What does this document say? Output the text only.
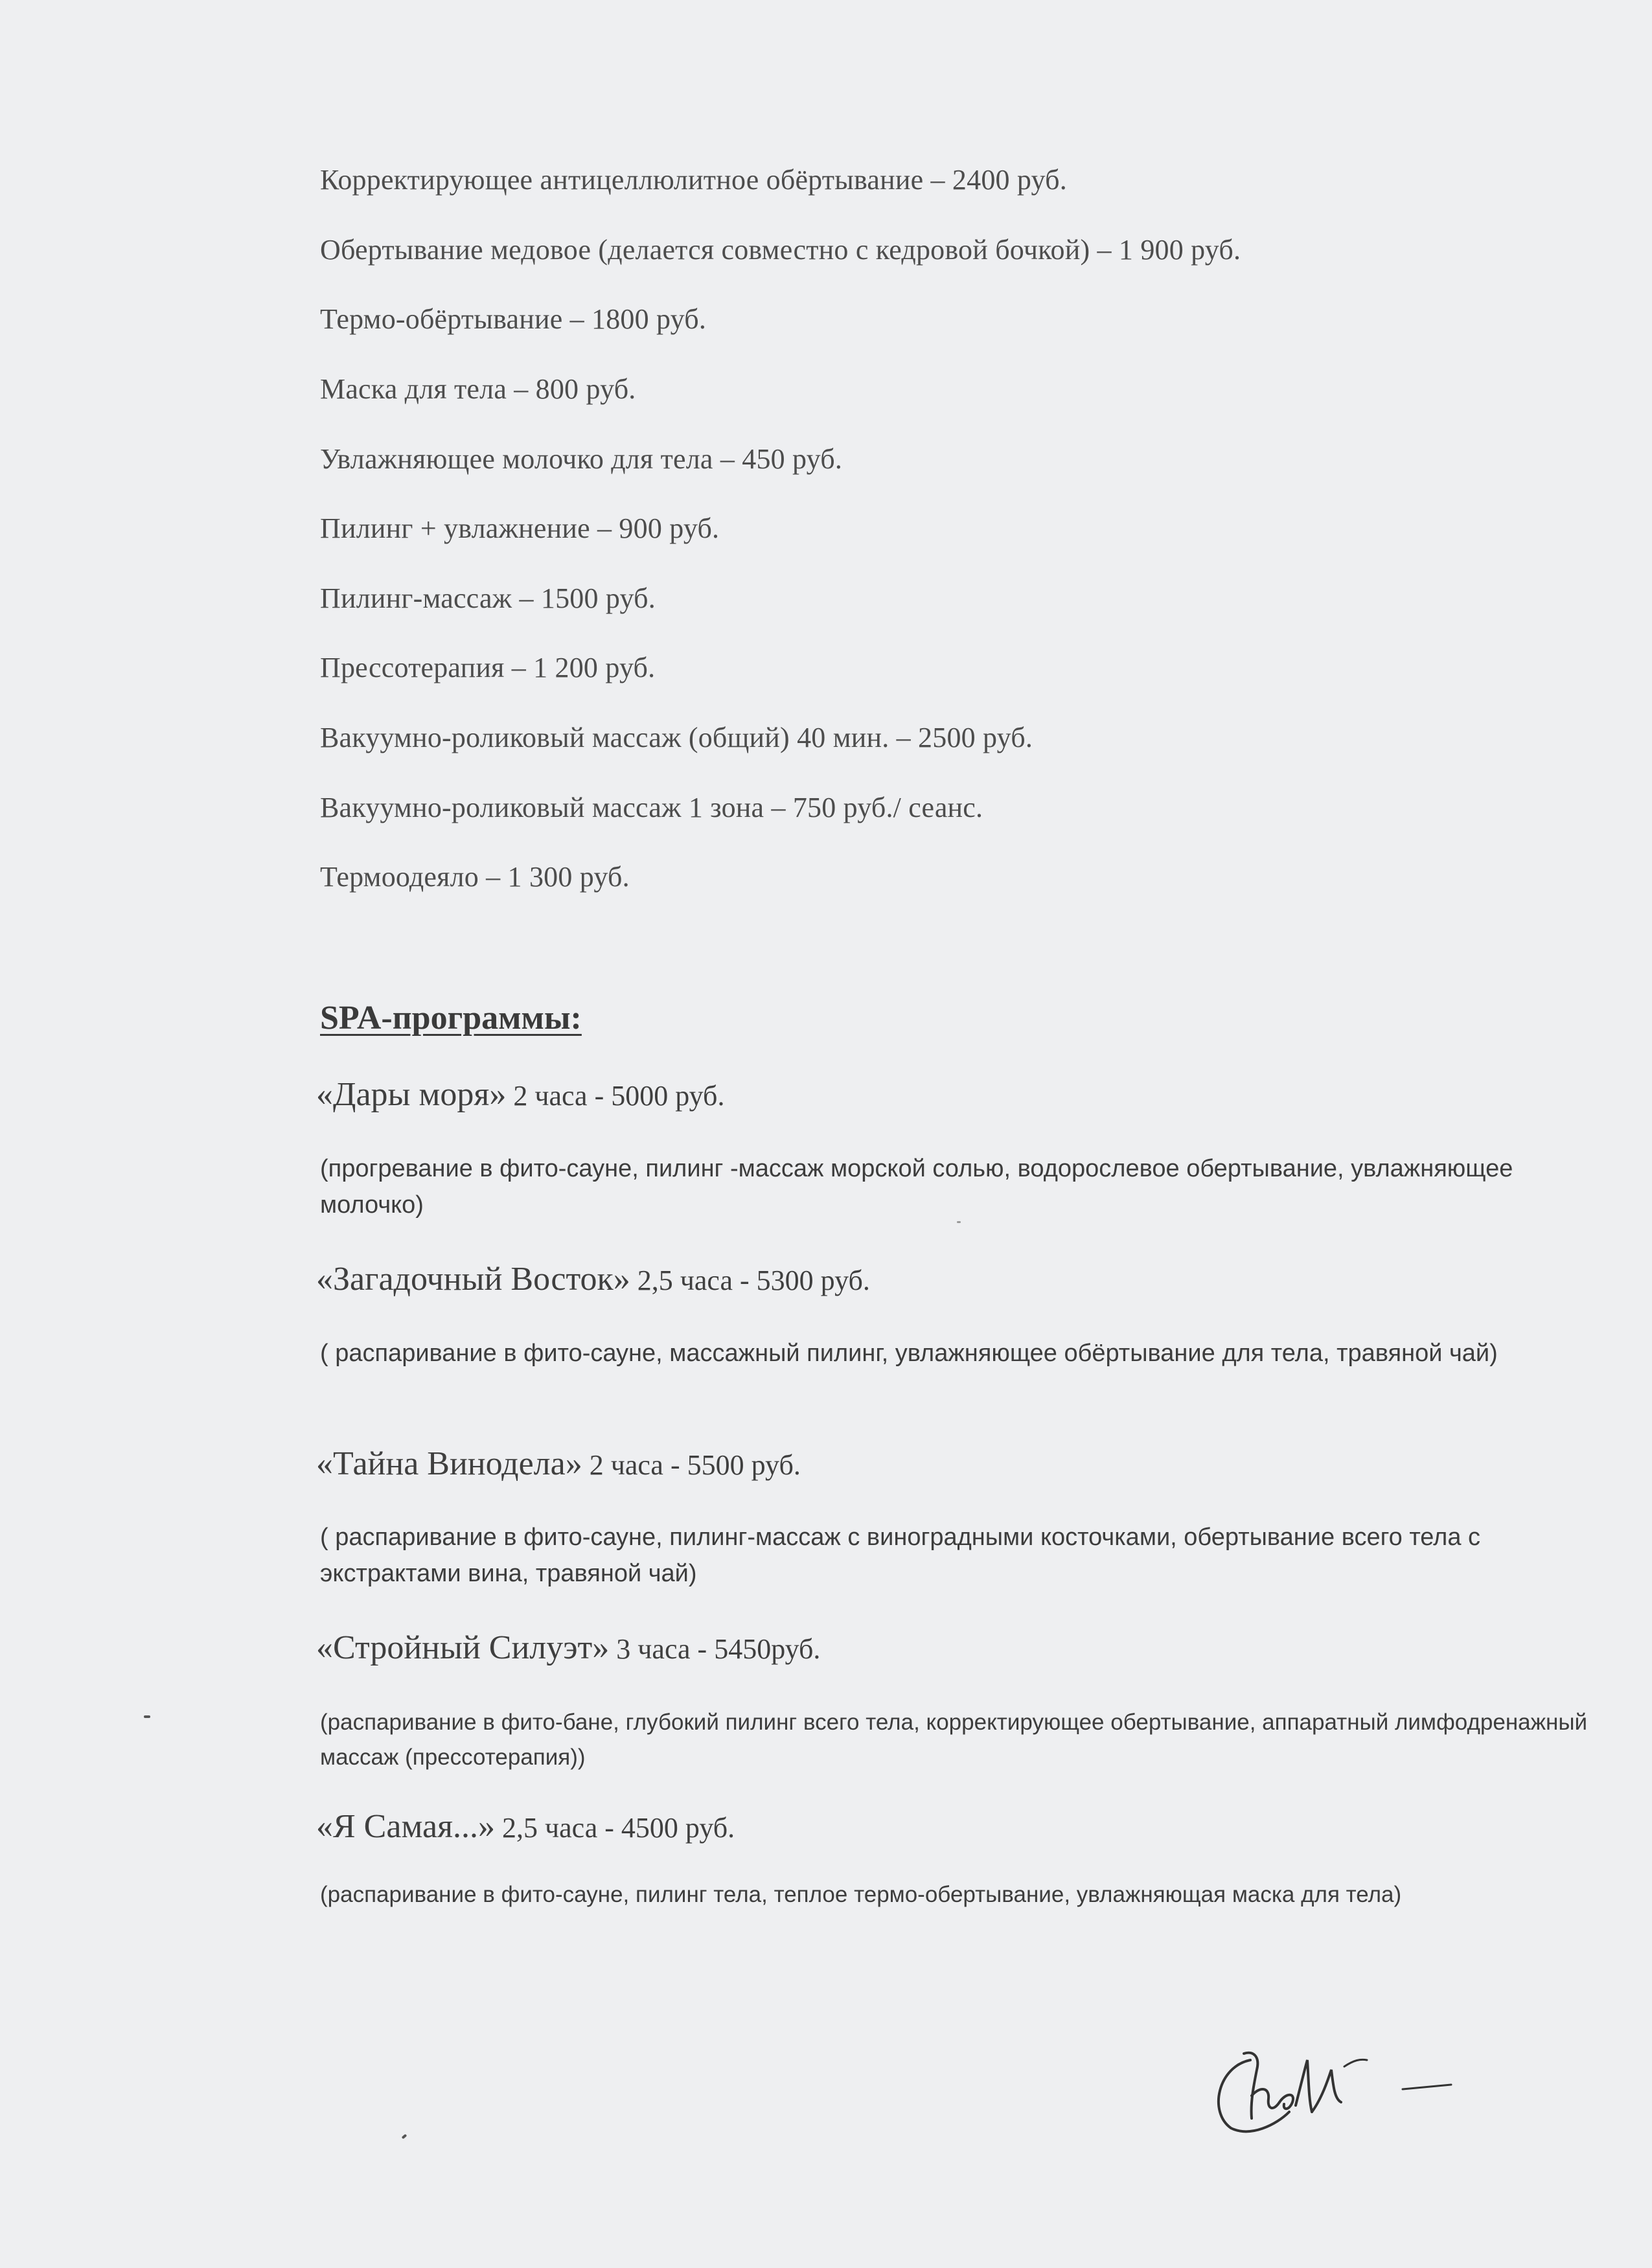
Корректирующее антицеллюлитное обёртывание – 2400 руб.
Обертывание медовое (делается совместно с кедровой бочкой) – 1 900 руб.
Термо-обёртывание – 1800 руб.
Маска для тела – 800 руб.
Увлажняющее молочко для тела – 450 руб.
Пилинг + увлажнение – 900 руб.
Пилинг-массаж – 1500 руб.
Прессотерапия – 1 200 руб.
Вакуумно-роликовый массаж (общий) 40 мин. – 2500 руб.
Вакуумно-роликовый массаж 1 зона – 750 руб./ сеанс.
Термоодеяло – 1 300 руб.
SPA-программы:
«Дары моря» 2 часа - 5000 руб.
(прогревание в фито-сауне, пилинг -массаж морской солью, водорослевое обертывание, увлажняющее молочко)
«Загадочный Восток» 2,5 часа - 5300 руб.
( распаривание в фито-сауне, массажный пилинг, увлажняющее обёртывание для тела, травяной чай)
«Тайна Винодела» 2 часа - 5500 руб.
( распаривание в фито-сауне, пилинг-массаж с виноградными косточками, обертывание всего тела с экстрактами вина, травяной чай)
«Стройный Силуэт» 3 часа - 5450руб.
(распаривание в фито-бане, глубокий пилинг всего тела, корректирующее обертывание, аппаратный лимфодренажный массаж (прессотерапия))
«Я Самая...» 2,5 часа - 4500 руб.
(распаривание в фито-сауне, пилинг тела, теплое термо-обертывание, увлажняющая маска для тела)
